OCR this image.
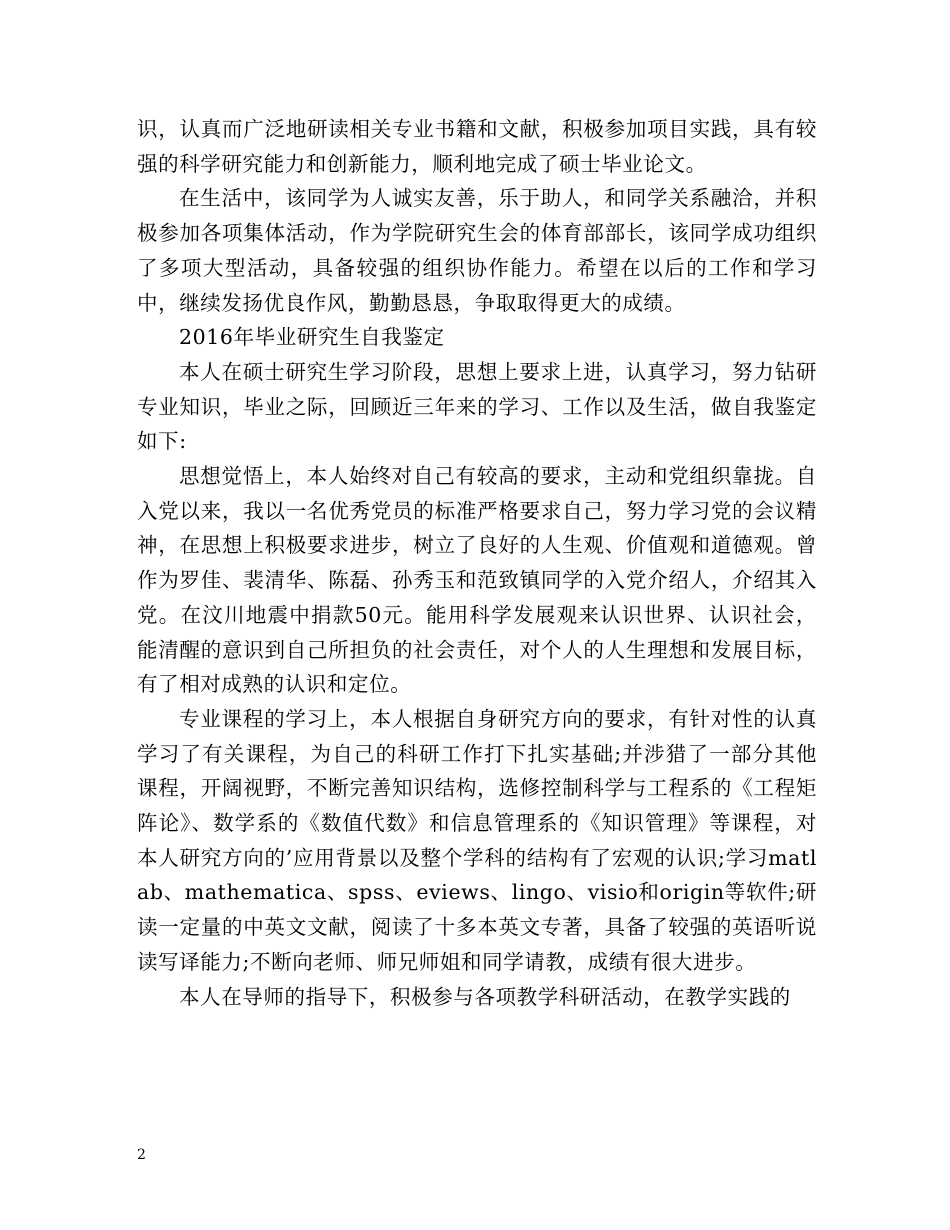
识，认真而广泛地研读相关专业书籍和文献，积极参加项目实践，具有较强的科学研究能力和创新能力，顺利地完成了硕士毕业论文。

在生活中，该同学为人诚实友善，乐于助人，和同学关系融洽，并积极参加各项集体活动，作为学院研究生会的体育部部长，该同学成功组织了多项大型活动，具备较强的组织协作能力。希望在以后的工作和学习中，继续发扬优良作风，勤勤恳恳，争取取得更大的成绩。

2016年毕业研究生自我鉴定

本人在硕士研究生学习阶段，思想上要求上进，认真学习，努力钻研专业知识，毕业之际，回顾近三年来的学习、工作以及生活，做自我鉴定如下:

思想觉悟上，本人始终对自己有较高的要求，主动和党组织靠拢。自入党以来，我以一名优秀党员的标准严格要求自己，努力学习党的会议精神，在思想上积极要求进步，树立了良好的人生观、价值观和道德观。曾作为罗佳、裴清华、陈磊、孙秀玉和范致镇同学的入党介绍人，介绍其入党。在汶川地震中捐款50元。能用科学发展观来认识世界、认识社会，能清醒的意识到自己所担负的社会责任，对个人的人生理想和发展目标，有了相对成熟的认识和定位。

专业课程的学习上，本人根据自身研究方向的要求，有针对性的认真学习了有关课程，为自己的科研工作打下扎实基础;并涉猎了一部分其他课程，开阔视野，不断完善知识结构，选修控制科学与工程系的《工程矩阵论》、数学系的《数值代数》和信息管理系的《知识管理》等课程，对本人研究方向的’应用背景以及整个学科的结构有了宏观的认识;学习matlab、mathematica、spss、eviews、lingo、visio和origin等软件;研读一定量的中英文文献，阅读了十多本英文专著，具备了较强的英语听说读写译能力;不断向老师、师兄师姐和同学请教，成绩有很大进步。

本人在导师的指导下，积极参与各项教学科研活动，在教学实践的

2
